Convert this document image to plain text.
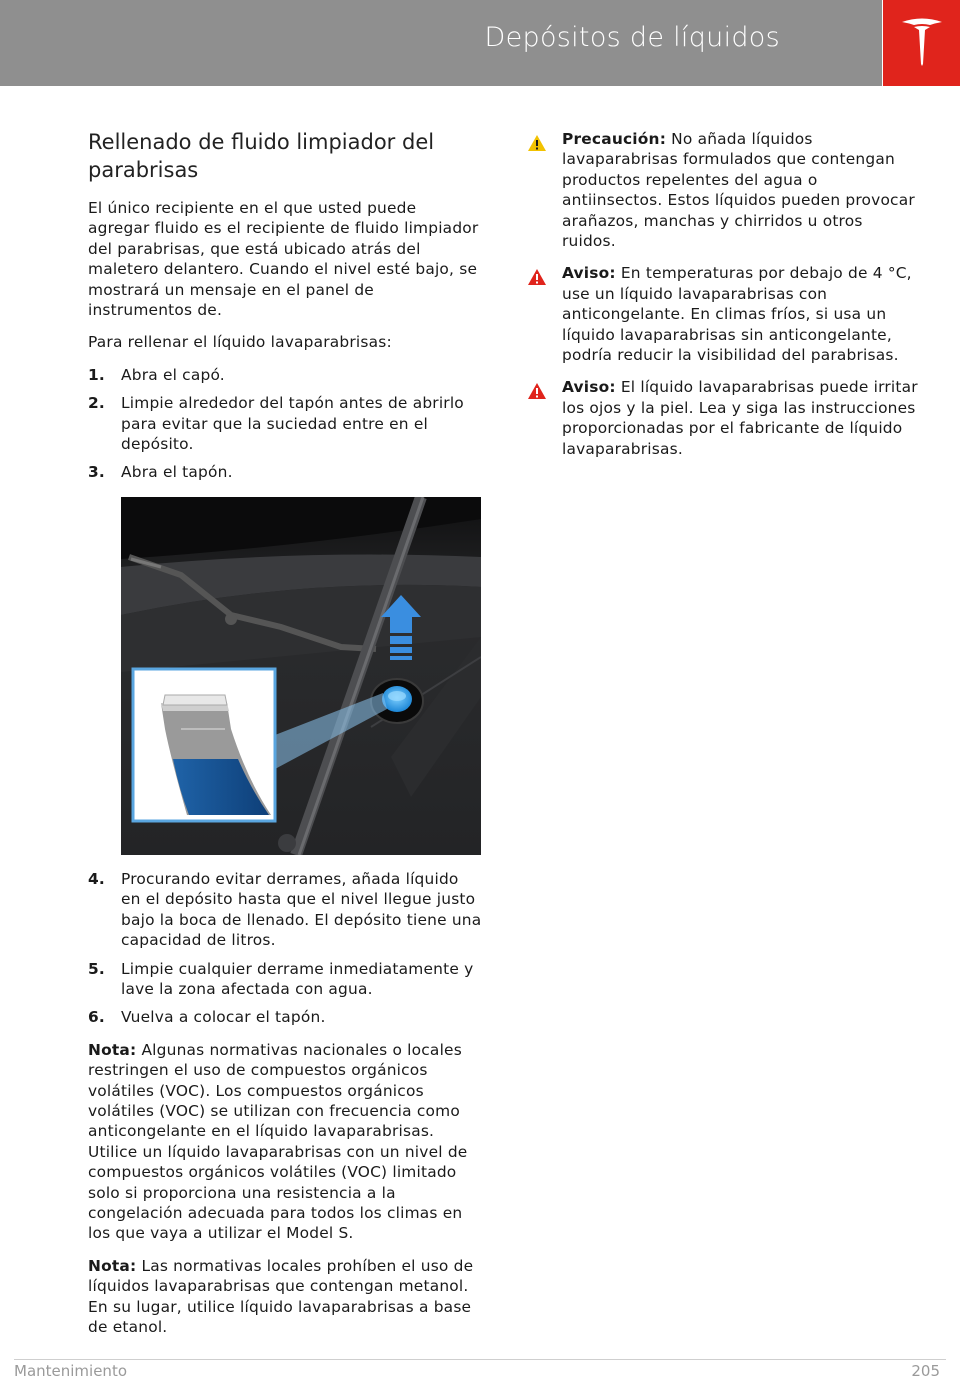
Depósitos de líquidos
Rellenado de fluido limpiador del parabrisas

El único recipiente en el que usted puede agregar fluido es el recipiente de fluido limpiador del parabrisas, que está ubicado atrás del maletero delantero. Cuando el nivel esté bajo, se mostrará un mensaje en el panel de instrumentos de.

Para rellenar el líquido lavaparabrisas:

1. Abra el capó.
2. Limpie alrededor del tapón antes de abrirlo para evitar que la suciedad entre en el depósito.
3. Abra el tapón.
4. Procurando evitar derrames, añada líquido en el depósito hasta que el nivel llegue justo bajo la boca de llenado. El depósito tiene una capacidad de litros.
5. Limpie cualquier derrame inmediatamente y lave la zona afectada con agua.
6. Vuelva a colocar el tapón.

Nota: Algunas normativas nacionales o locales restringen el uso de compuestos orgánicos volátiles (VOC). Los compuestos orgánicos volátiles (VOC) se utilizan con frecuencia como anticongelante en el líquido lavaparabrisas. Utilice un líquido lavaparabrisas con un nivel de compuestos orgánicos volátiles (VOC) limitado solo si proporciona una resistencia a la congelación adecuada para todos los climas en los que vaya a utilizar el Model S.

Nota: Las normativas locales prohíben el uso de líquidos lavaparabrisas que contengan metanol. En su lugar, utilice líquido lavaparabrisas a base de etanol.

Precaución: No añada líquidos lavaparabrisas formulados que contengan productos repelentes del agua o antiinsectos. Estos líquidos pueden provocar arañazos, manchas y chirridos u otros ruidos.

Aviso: En temperaturas por debajo de 4 °C, use un líquido lavaparabrisas con anticongelante. En climas fríos, si usa un líquido lavaparabrisas sin anticongelante, podría reducir la visibilidad del parabrisas.

Aviso: El líquido lavaparabrisas puede irritar los ojos y la piel. Lea y siga las instrucciones proporcionadas por el fabricante de líquido lavaparabrisas.

Mantenimiento	205
